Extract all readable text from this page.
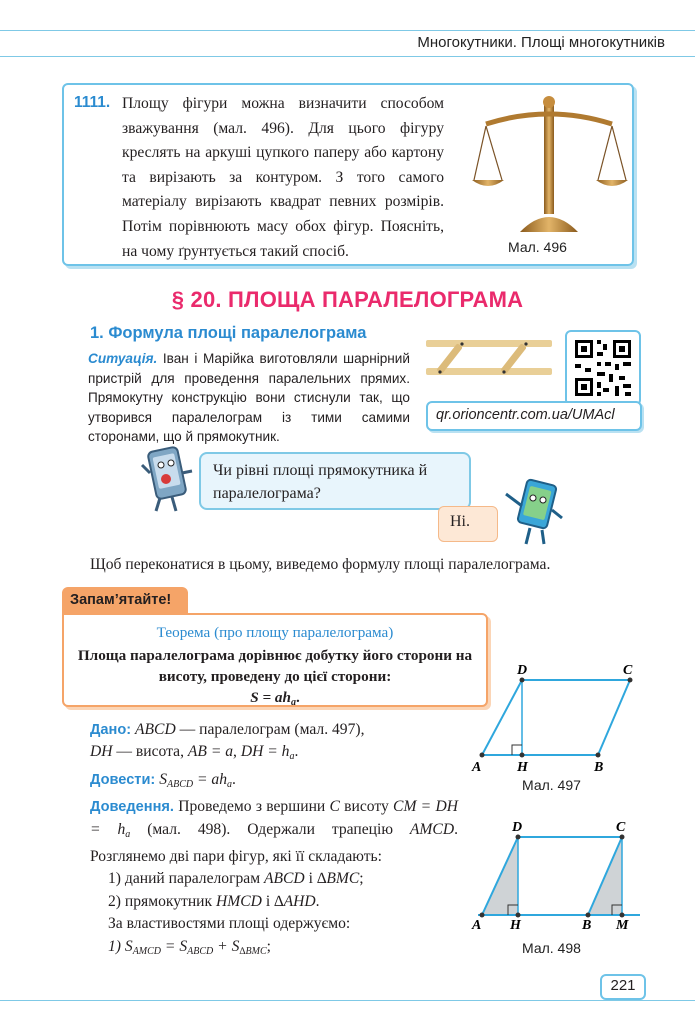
Многокутники. Площі многокутників
1111. Площу фігури можна визначити способом зважування (мал. 496). Для цього фігуру креслять на аркуші цупкого паперу або картону та вирізають за контуром. З того самого матеріалу вирізають квадрат певних розмірів. Потім порівнюють масу обох фігур. Поясніть, на чому ґрунтується такий спосіб.	Мал. 496
§ 20. ПЛОЩА ПАРАЛЕЛОГРАМА
1. Формула площі паралелограма
Ситуація. Іван і Марійка виготовляли шарнірний пристрій для проведення паралельних прямих. Прямокутну конструкцію вони стиснули так, що утворився паралелограм із тими самими сторонами, що й прямокутник.
qr.orioncentr.com.ua/UMAcl
Чи рівні площі прямокутника й паралелограма?
Ні.
Щоб переконатися в цьому, виведемо формулу площі паралелограма.
Запам’ятайте!
Теорема (про площу паралелограма)
Площа паралелограма дорівнює добутку його сторони на висоту, проведену до цієї сторони:
$S = ah_a$.
Дано: ABCD — паралелограм (мал. 497),
DH — висота, AB = a, DH = $h_a$.
Довести: $S_{ABCD} = ah_a$.
Доведення. Проведемо з вершини C висоту CM = DH = $h_a$ (мал. 498). Одержали трапецію AMCD. Розглянемо дві пари фігур, які її складають:
1) даний паралелограм ABCD і ∆BMC;
2) прямокутник HMCD і ∆AHD.
За властивостями площі одержуємо:
1) $S_{AMCD} = S_{ABCD} + S_{\Delta BMC}$;
A	H	B
D	C
Мал. 497
A H	B M
D	C
Мал. 498
221
